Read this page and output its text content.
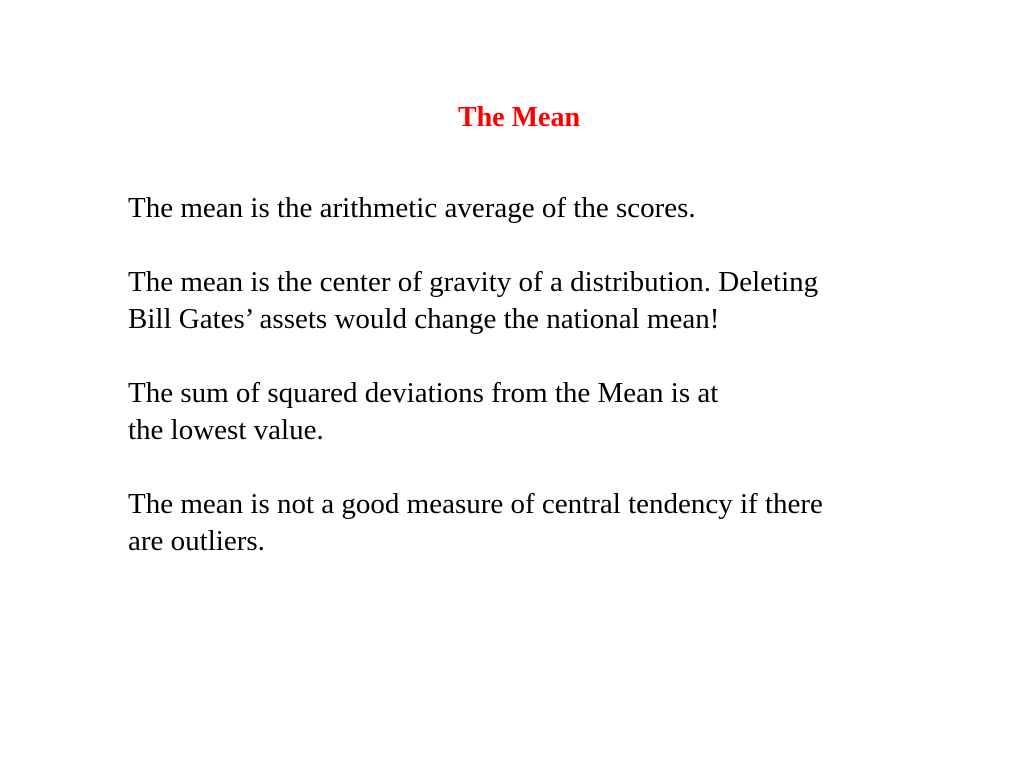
The Mean

The mean is the arithmetic average of the scores.

The mean is the center of gravity of a distribution. Deleting
Bill Gates’ assets would change the national mean!

The sum of squared deviations from the Mean is at
the lowest value.

The mean is not a good measure of central tendency if there
are outliers.
